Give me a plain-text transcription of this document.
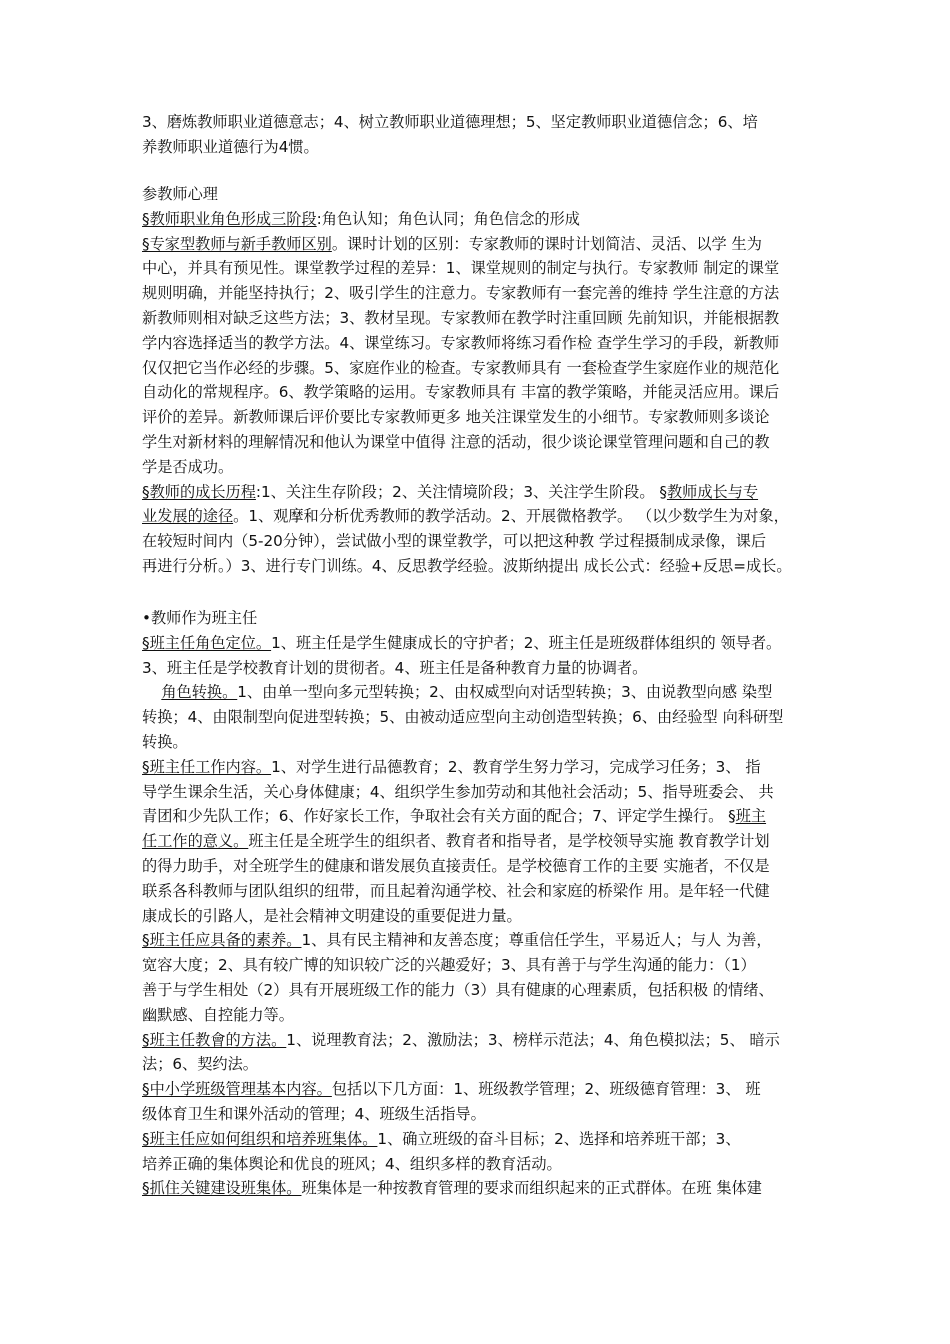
3、磨炼教师职业道德意志；4、树立教师职业道德理想；5、坚定教师职业道德信念；6、培
养教师职业道德行为4惯。
参教师心理
§教师职业角色形成三阶段:角色认知；角色认同；角色信念的形成
§专家型教师与新手教师区别。课时计划的区别：专家教师的课时计划简洁、灵活、以学 生为
中心，并具有预见性。课堂教学过程的差异：1、课堂规则的制定与执行。专家教师 制定的课堂
规则明确，并能坚持执行；2、吸引学生的注意力。专家教师有一套完善的维持 学生注意的方法
新教师则相对缺乏这些方法；3、教材呈现。专家教师在教学时注重回顾 先前知识，并能根据教
学内容选择适当的教学方法。4、课堂练习。专家教师将练习看作检 查学生学习的手段，新教师
仅仅把它当作必经的步骤。5、家庭作业的检查。专家教师具有 一套检查学生家庭作业的规范化
自动化的常规程序。6、教学策略的运用。专家教师具有 丰富的教学策略，并能灵活应用。课后
评价的差异。新教师课后评价要比专家教师更多 地关注课堂发生的小细节。专家教师则多谈论
学生对新材料的理解情况和他认为课堂中值得 注意的活动，很少谈论课堂管理问题和自己的教
学是否成功。
§教师的成长历程:1、关注生存阶段；2、关注情境阶段；3、关注学生阶段。 §教师成长与专
业发展的途径。1、观摩和分析优秀教师的教学活动。2、开展微格教学。 （以少数学生为对象，
在较短时间内（5-20分钟），尝试做小型的课堂教学，可以把这种教 学过程摄制成录像，课后
再进行分析。）3、进行专门训练。4、反思教学经验。波斯纳提出 成长公式：经验+反思=成长。
•教师作为班主任
§班主任角色定位。1、班主任是学生健康成长的守护者；2、班主任是班级群体组织的 领导者。
3、班主任是学校教育计划的贯彻者。4、班主任是备种教育力量的协调者。
角色转换。1、由单一型向多元型转换；2、由权威型向对话型转换；3、由说教型向感 染型
转换；4、由限制型向促进型转换；5、由被动适应型向主动创造型转换；6、由经验型 向科研型
转换。
§班主任工作内容。1、对学生进行品德教育；2、教育学生努力学习，完成学习任务；3、 指
导学生课余生活，关心身体健康；4、组织学生参加劳动和其他社会活动；5、指导班委会、 共
青团和少先队工作；6、作好家长工作，争取社会有关方面的配合；7、评定学生操行。 §班主
任工作的意义。班主任是全班学生的组织者、教育者和指导者，是学校领导实施 教育教学计划
的得力助手，对全班学生的健康和谐发展负直接责任。是学校德育工作的主要 实施者，不仅是
联系各科教师与团队组织的纽带，而且起着沟通学校、社会和家庭的桥梁作 用。是年轻一代健
康成长的引路人，是社会精神文明建设的重要促进力量。
§班主任应具备的素养。1、具有民主精神和友善态度；尊重信任学生，平易近人；与人 为善，
宽容大度；2、具有较广博的知识较广泛的兴趣爱好；3、具有善于与学生沟通的能力：（1）
善于与学生相处（2）具有开展班级工作的能力（3）具有健康的心理素质，包括积极 的情绪、
幽默感、自控能力等。
§班主任教會的方法。1、说理教育法；2、激励法；3、榜样示范法；4、角色模拟法；5、 暗示
法；6、契约法。
§中小学班级管理基本内容。包括以下几方面：1、班级教学管理；2、班级德育管理：3、 班
级体育卫生和课外活动的管理；4、班级生活指导。
§班主任应如何组织和培养班集体。1、确立班级的奋斗目标；2、选择和培养班干部；3、
培养正确的集体舆论和优良的班风；4、组织多样的教育活动。
§抓住关键建设班集体。班集体是一种按教育管理的要求而组织起来的正式群体。在班 集体建
